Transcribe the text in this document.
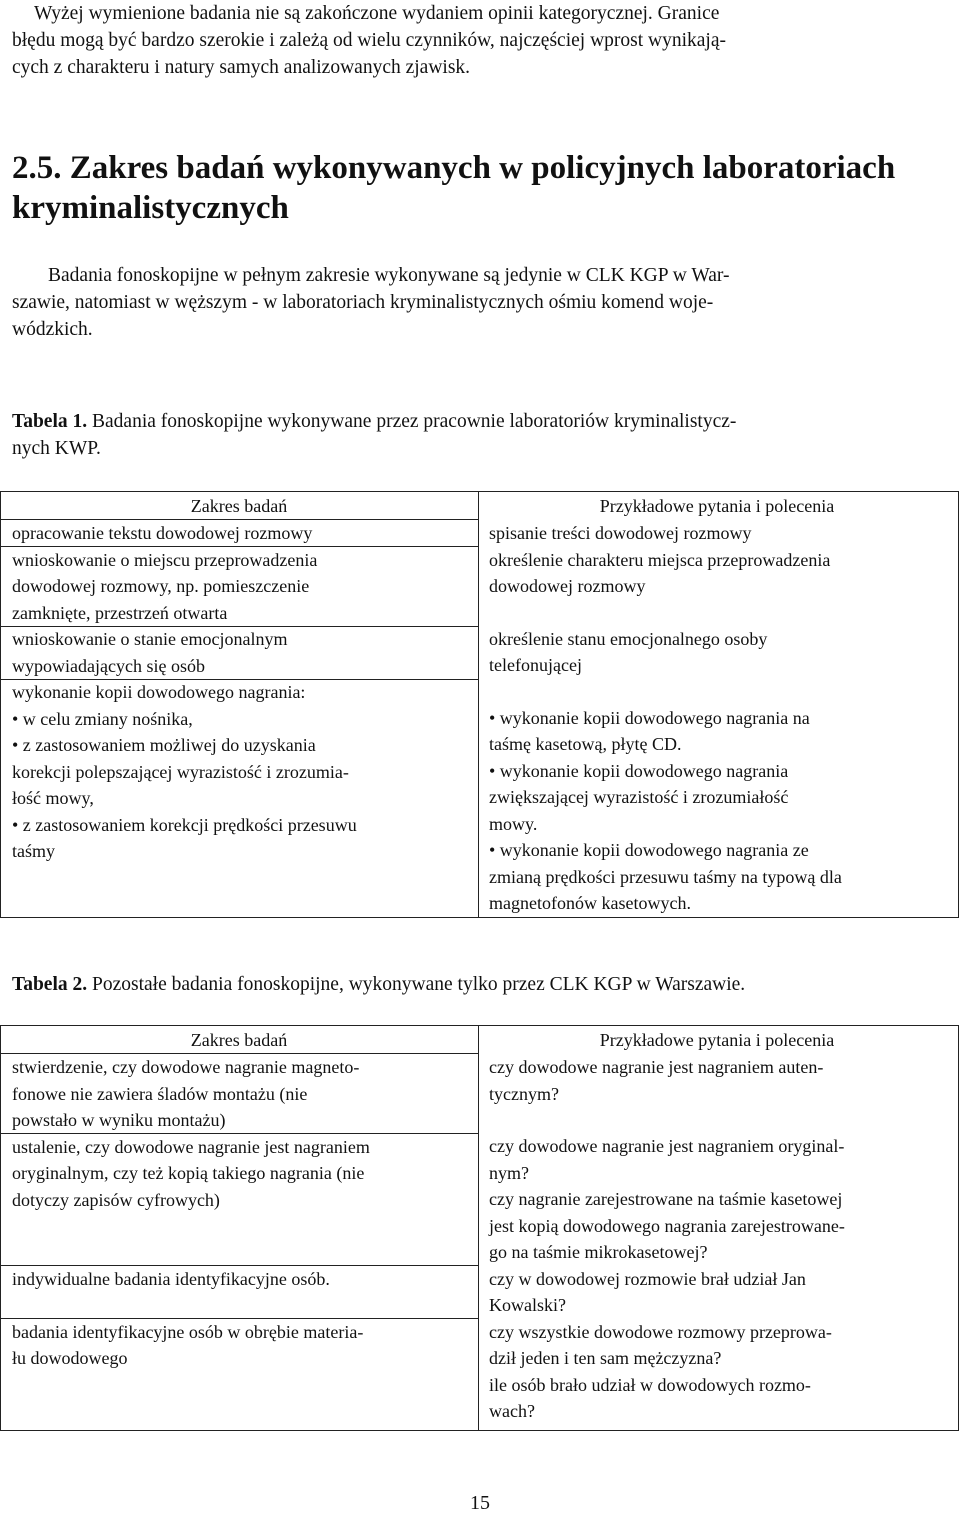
Wyżej wymienione badania nie są zakończone wydaniem opinii kategorycznej. Granice
błędu mogą być bardzo szerokie i zależą od wielu czynników, najczęściej wprost wynikają-
cych z charakteru i natury samych analizowanych zjawisk.
2.5. Zakres badań wykonywanych w policyjnych laboratoriach
kryminalistycznych
Badania fonoskopijne w pełnym zakresie wykonywane są jedynie w CLK KGP w War-
szawie, natomiast w węższym - w laboratoriach kryminalistycznych ośmiu komend woje-
wódzkich.
Tabela 1. Badania fonoskopijne wykonywane przez pracownie laboratoriów kryminalistycz-
nych KWP.
Zakres badań	Przykładowe pytania i polecenia
opracowanie tekstu dowodowej rozmowy
wnioskowanie o miejscu przeprowadzenia
dowodowej rozmowy, np. pomieszczenie
zamknięte, przestrzeń otwarta
wnioskowanie o stanie emocjonalnym
wypowiadających się osób
wykonanie kopii dowodowego nagrania:
• w celu zmiany nośnika,
• z zastosowaniem możliwej do uzyskania
korekcji polepszającej wyrazistość i zrozumia-
łość mowy,
• z zastosowaniem korekcji prędkości przesuwu
taśmy
spisanie treści dowodowej rozmowy
określenie charakteru miejsca przeprowadzenia
dowodowej rozmowy
określenie stanu emocjonalnego osoby
telefonującej
• wykonanie kopii dowodowego nagrania na
taśmę kasetową, płytę CD.
• wykonanie kopii dowodowego nagrania
zwiększającej wyrazistość i zrozumiałość
mowy.
• wykonanie kopii dowodowego nagrania ze
zmianą prędkości przesuwu taśmy na typową dla
magnetofonów kasetowych.
Tabela 2. Pozostałe badania fonoskopijne, wykonywane tylko przez CLK KGP w Warszawie.
Zakres badań	Przykładowe pytania i polecenia
stwierdzenie, czy dowodowe nagranie magneto-
fonowe nie zawiera śladów montażu (nie
powstało w wyniku montażu)
ustalenie, czy dowodowe nagranie jest nagraniem
oryginalnym, czy też kopią takiego nagrania (nie
dotyczy zapisów cyfrowych)
indywidualne badania identyfikacyjne osób.
badania identyfikacyjne osób w obrębie materia-
łu dowodowego
czy dowodowe nagranie jest nagraniem auten-
tycznym?
czy dowodowe nagranie jest nagraniem oryginal-
nym?
czy nagranie zarejestrowane na taśmie kasetowej
jest kopią dowodowego nagrania zarejestrowane-
go na taśmie mikrokasetowej?
czy w dowodowej rozmowie brał udział Jan
Kowalski?
czy wszystkie dowodowe rozmowy przeprowa-
dził jeden i ten sam mężczyzna?
ile osób brało udział w dowodowych rozmo-
wach?
15
